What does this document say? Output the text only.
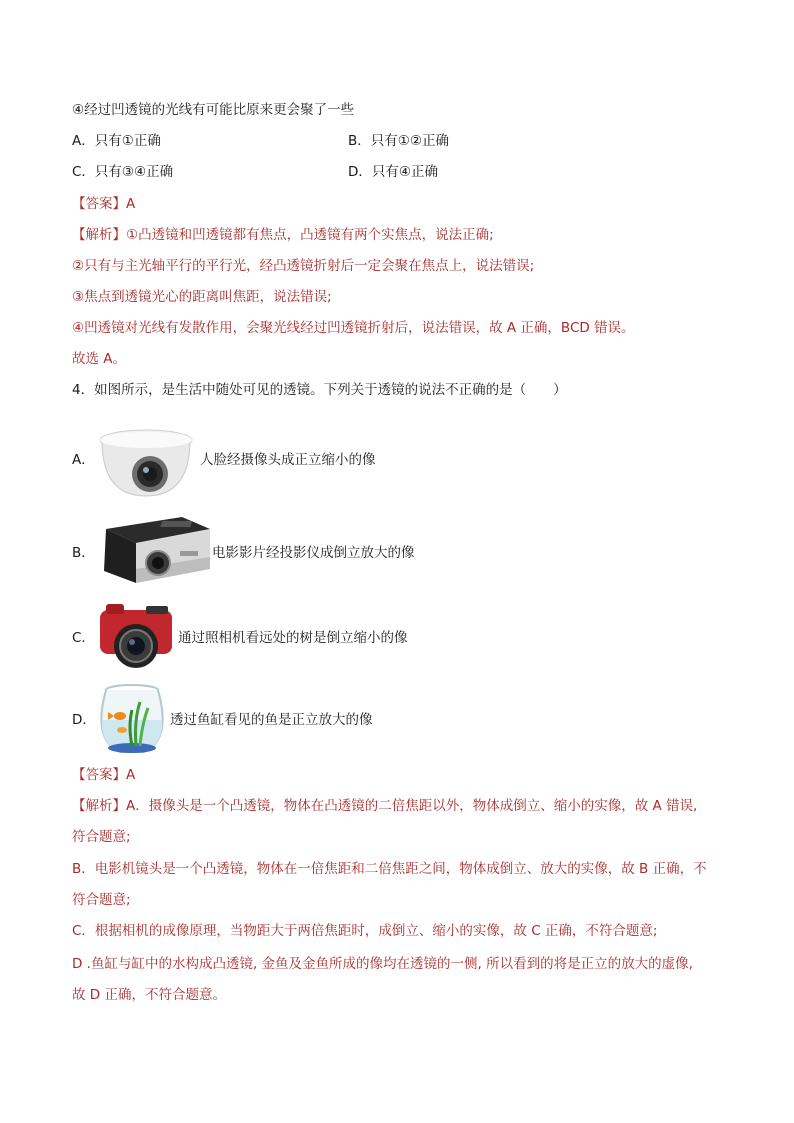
④经过凹透镜的光线有可能比原来更会聚了一些
A．只有①正确	B．只有①②正确
C．只有③④正确	D．只有④正确
【答案】A
【解析】①凸透镜和凹透镜都有焦点，凸透镜有两个实焦点，说法正确;
②只有与主光轴平行的平行光，经凸透镜折射后一定会聚在焦点上，说法错误;
③焦点到透镜光心的距离叫焦距，说法错误;
④凹透镜对光线有发散作用，会聚光线经过凹透镜折射后，说法错误，故 A 正确，BCD 错误。
故选 A。
4．如图所示，是生活中随处可见的透镜。下列关于透镜的说法不正确的是（　　）
A．	人脸经摄像头成正立缩小的像
B．	电影影片经投影仪成倒立放大的像
C．	通过照相机看远处的树是倒立缩小的像
D．	透过鱼缸看见的鱼是正立放大的像
【答案】A
【解析】A．摄像头是一个凸透镜，物体在凸透镜的二倍焦距以外，物体成倒立、缩小的实像，故 A 错误,
符合题意;
B．电影机镜头是一个凸透镜，物体在一倍焦距和二倍焦距之间，物体成倒立、放大的实像，故 B 正确，不
符合题意;
C．根据相机的成像原理，当物距大于两倍焦距时，成倒立、缩小的实像，故 C 正确，不符合题意;
D .鱼缸与缸中的水构成凸透镜, 金鱼及金鱼所成的像均在透镜的一侧, 所以看到的将是正立的放大的虚像,
故 D 正确，不符合题意。
